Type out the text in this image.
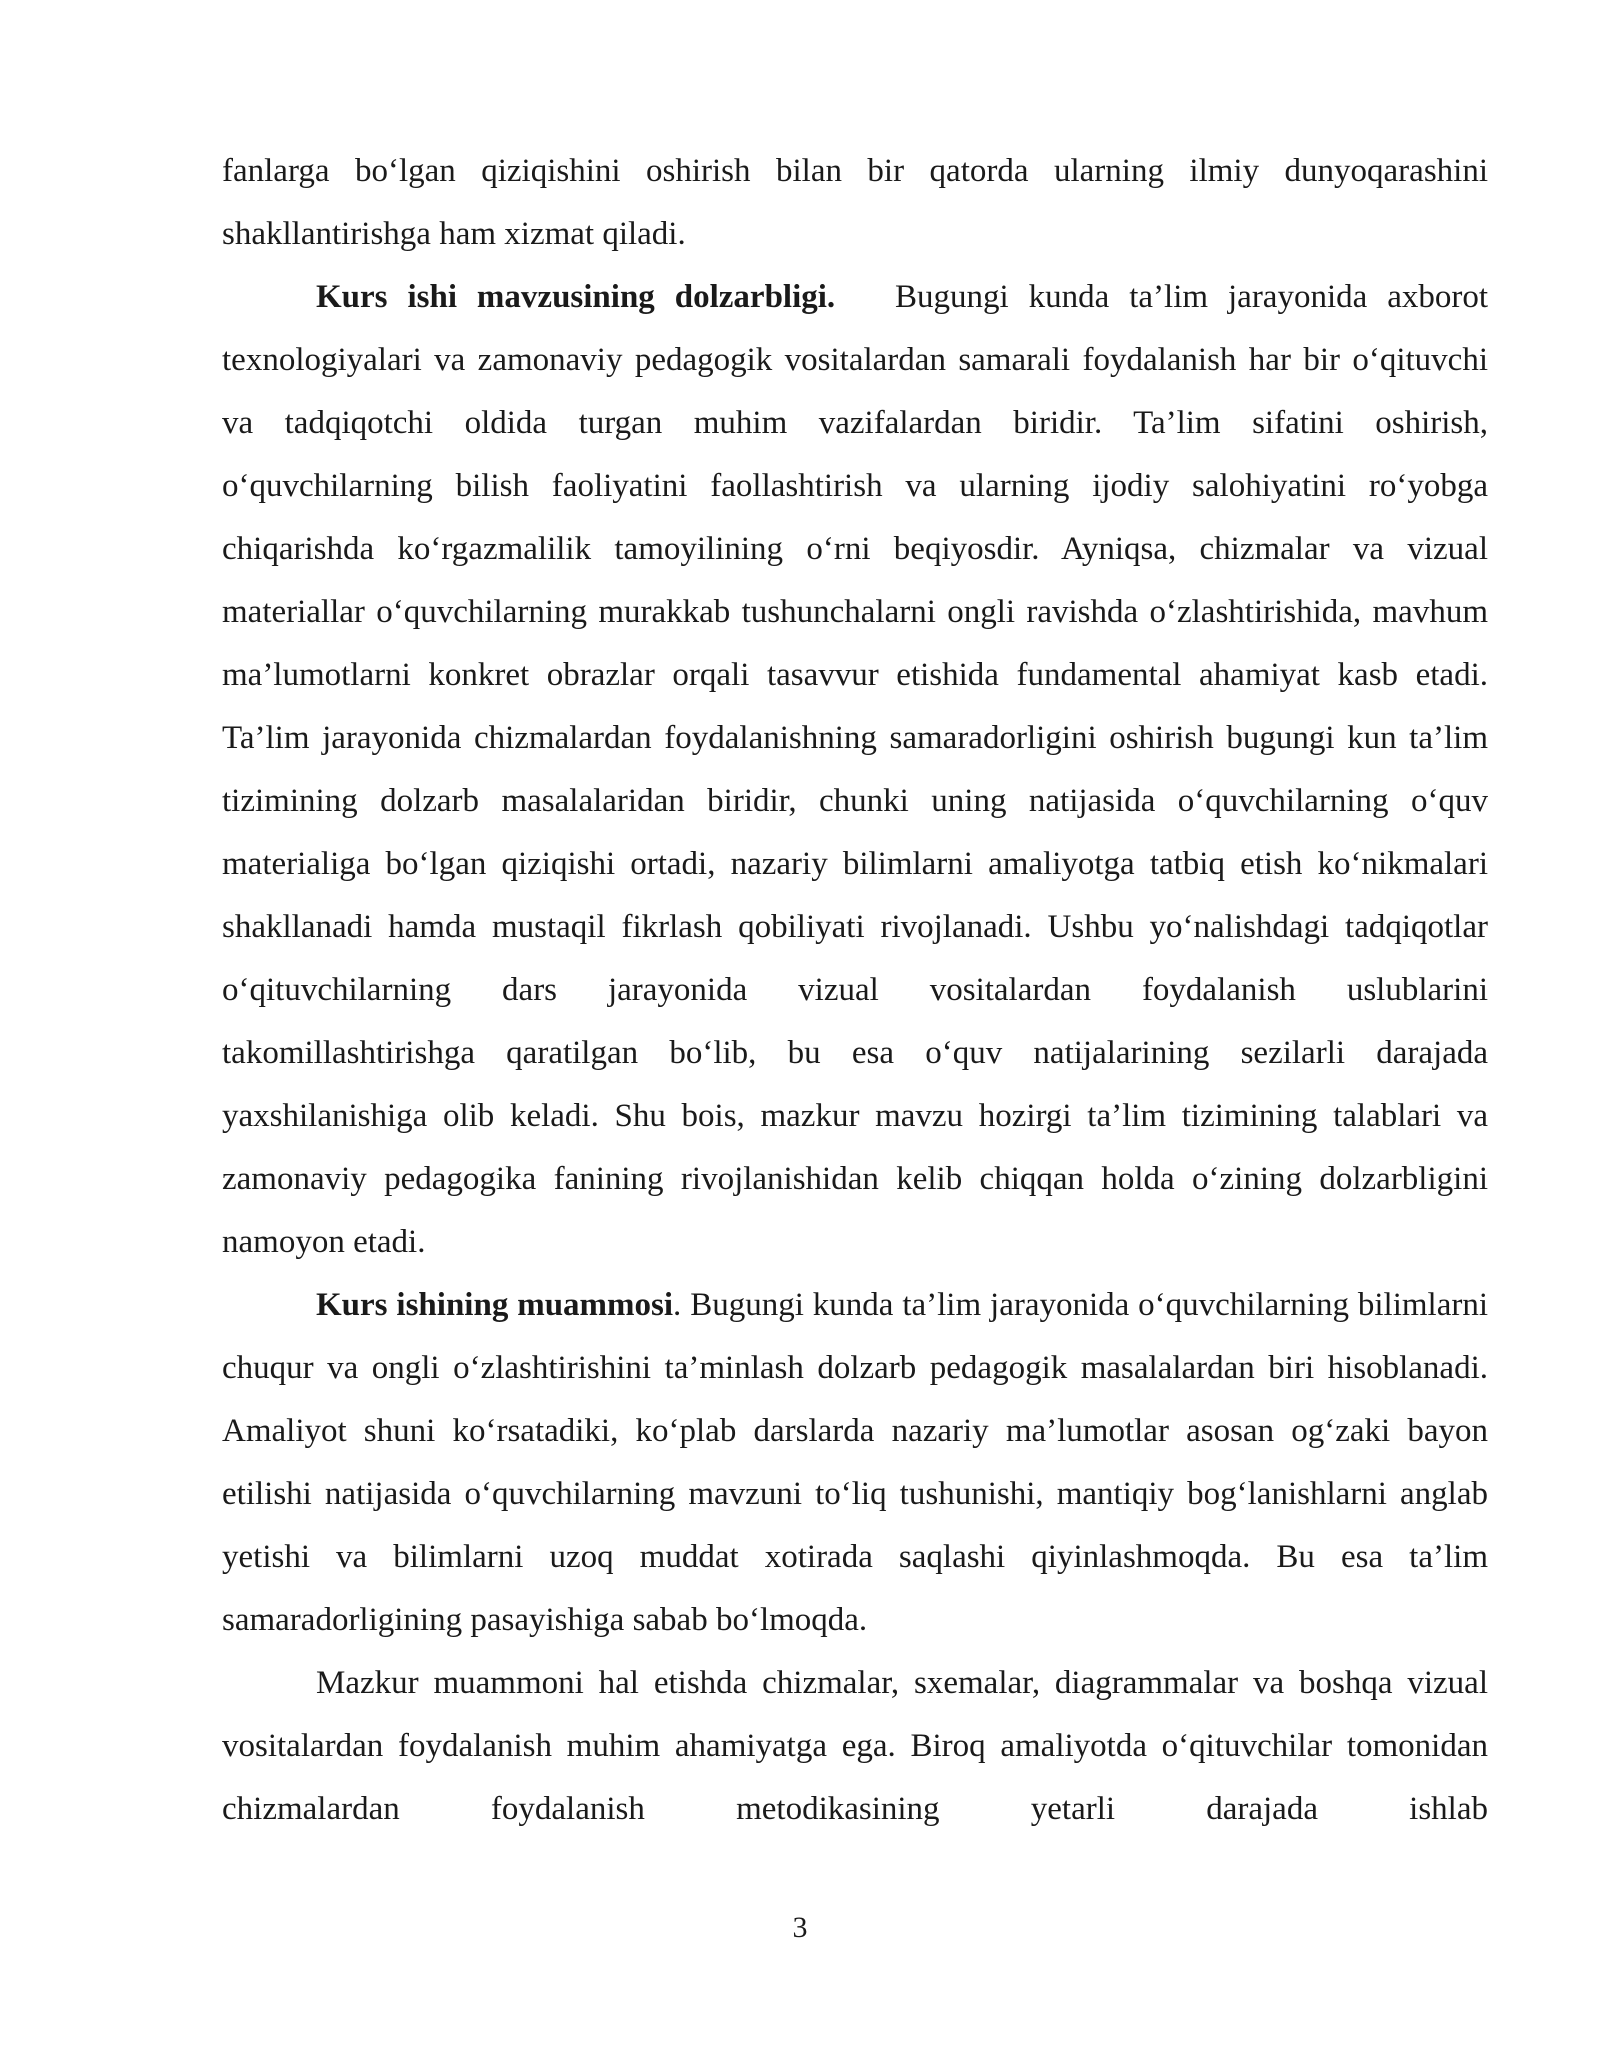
fanlarga bo‘lgan qiziqishini oshirish bilan bir qatorda ularning ilmiy dunyoqarashini shakllantirishga ham xizmat qiladi.

Kurs ishi mavzusining dolzarbligi. Bugungi kunda ta’lim jarayonida axborot texnologiyalari va zamonaviy pedagogik vositalardan samarali foydalanish har bir o‘qituvchi va tadqiqotchi oldida turgan muhim vazifalardan biridir. Ta’lim sifatini oshirish, o‘quvchilarning bilish faoliyatini faollashtirish va ularning ijodiy salohiyatini ro‘yobga chiqarishda ko‘rgazmalilik tamoyilining o‘rni beqiyosdir. Ayniqsa, chizmalar va vizual materiallar o‘quvchilarning murakkab tushunchalarni ongli ravishda o‘zlashtirishida, mavhum ma’lumotlarni konkret obrazlar orqali tasavvur etishida fundamental ahamiyat kasb etadi. Ta’lim jarayonida chizmalardan foydalanishning samaradorligini oshirish bugungi kun ta’lim tizimining dolzarb masalalaridan biridir, chunki uning natijasida o‘quvchilarning o‘quv materialiga bo‘lgan qiziqishi ortadi, nazariy bilimlarni amaliyotga tatbiq etish ko‘nikmalari shakllanadi hamda mustaqil fikrlash qobiliyati rivojlanadi. Ushbu yo‘nalishdagi tadqiqotlar o‘qituvchilarning dars jarayonida vizual vositalardan foydalanish uslublarini takomillashtirishga qaratilgan bo‘lib, bu esa o‘quv natijalarining sezilarli darajada yaxshilanishiga olib keladi. Shu bois, mazkur mavzu hozirgi ta’lim tizimining talablari va zamonaviy pedagogika fanining rivojlanishidan kelib chiqqan holda o‘zining dolzarbligini namoyon etadi.

Kurs ishining muammosi. Bugungi kunda ta’lim jarayonida o‘quvchilarning bilimlarni chuqur va ongli o‘zlashtirishini ta’minlash dolzarb pedagogik masalalardan biri hisoblanadi. Amaliyot shuni ko‘rsatadiki, ko‘plab darslarda nazariy ma’lumotlar asosan og‘zaki bayon etilishi natijasida o‘quvchilarning mavzuni to‘liq tushunishi, mantiqiy bog‘lanishlarni anglab yetishi va bilimlarni uzoq muddat xotirada saqlashi qiyinlashmoqda. Bu esa ta’lim samaradorligining pasayishiga sabab bo‘lmoqda.

Mazkur muammoni hal etishda chizmalar, sxemalar, diagrammalar va boshqa vizual vositalardan foydalanish muhim ahamiyatga ega. Biroq amaliyotda o‘qituvchilar tomonidan chizmalardan foydalanish metodikasining yetarli darajada ishlab

3
